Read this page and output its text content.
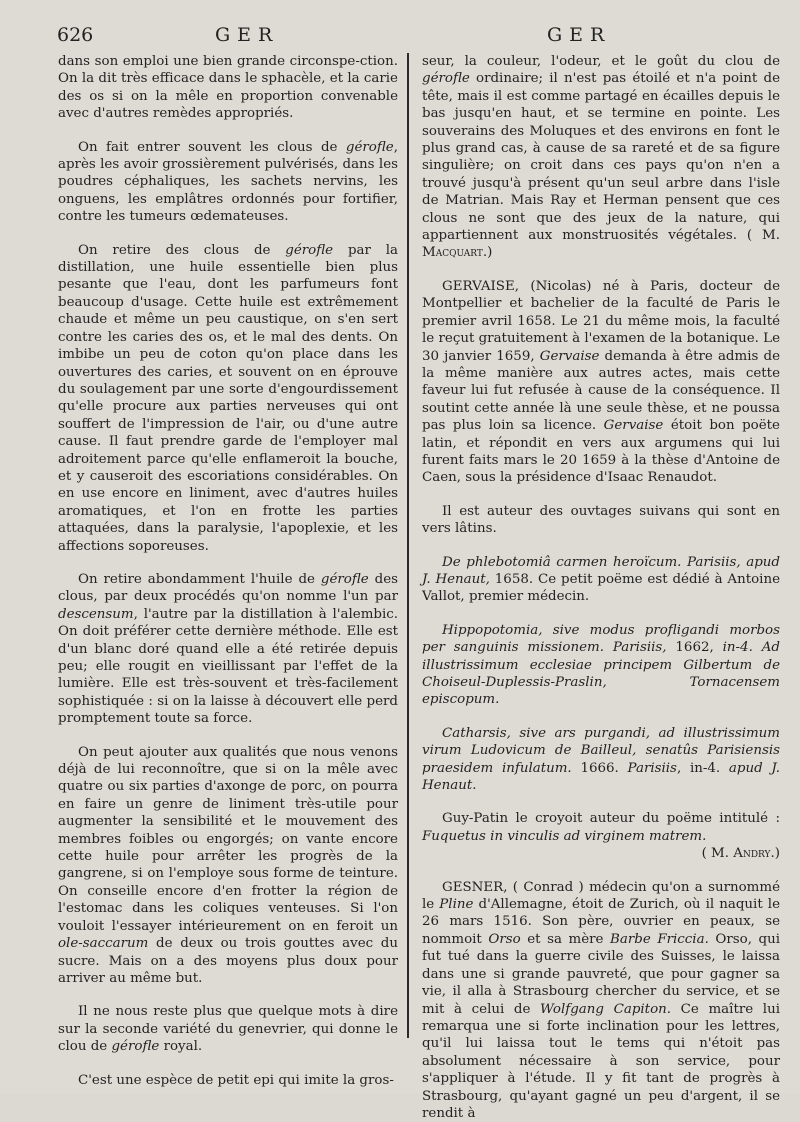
626	GER	GER

dans son emploi une bien grande circonspe-ction. On la dit très efficace dans le sphacèle, et la carie des os si on la mêle en proportion convenable avec d'autres remèdes appropriés.

On fait entrer souvent les clous de gérofle, après les avoir grossièrement pulvérisés, dans les poudres céphaliques, les sachets nervins, les onguens, les emplâtres ordonnés pour fortifier, contre les tumeurs œdemateuses.

On retire des clous de gérofle par la distillation, une huile essentielle bien plus pesante que l'eau, dont les parfumeurs font beaucoup d'usage. Cette huile est extrêmement chaude et même un peu caustique, on s'en sert contre les caries des os, et le mal des dents. On imbibe un peu de coton qu'on place dans les ouvertures des caries, et souvent on en éprouve du soulagement par une sorte d'engourdissement qu'elle procure aux parties nerveuses qui ont souffert de l'impression de l'air, ou d'une autre cause. Il faut prendre garde de l'employer mal adroitement parce qu'elle enflameroit la bouche, et y causeroit des escoriations considérables. On en use encore en liniment, avec d'autres huiles aromatiques, et l'on en frotte les parties attaquées, dans la paralysie, l'apoplexie, et les affections soporeuses.

On retire abondamment l'huile de gérofle des clous, par deux procédés qu'on nomme l'un par descensum, l'autre par la distillation à l'alembic. On doit préférer cette dernière méthode. Elle est d'un blanc doré quand elle a été retirée depuis peu; elle rougit en vieillissant par l'effet de la lumière. Elle est très-souvent et très-facilement sophistiquée : si on la laisse à découvert elle perd promptement toute sa force.

On peut ajouter aux qualités que nous venons déjà de lui reconnoître, que si on la mêle avec quatre ou six parties d'axonge de porc, on pourra en faire un genre de liniment très-utile pour augmenter la sensibilité et le mouvement des membres foibles ou engorgés; on vante encore cette huile pour arrêter les progrès de la gangrene, si on l'employe sous forme de teinture. On conseille encore d'en frotter la région de l'estomac dans les coliques venteuses. Si l'on vouloit l'essayer intérieurement on en feroit un ole-saccarum de deux ou trois gouttes avec du sucre. Mais on a des moyens plus doux pour arriver au même but.

Il ne nous reste plus que quelque mots à dire sur la seconde variété du genevrier, qui donne le clou de gérofle royal.

C'est une espèce de petit epi qui imite la gros-

seur, la couleur, l'odeur, et le goût du clou de gérofle ordinaire; il n'est pas étoilé et n'a point de tête, mais il est comme partagé en écailles depuis le bas jusqu'en haut, et se termine en pointe. Les souverains des Moluques et des environs en font le plus grand cas, à cause de sa rareté et de sa figure singulière; on croit dans ces pays qu'on n'en a trouvé jusqu'à présent qu'un seul arbre dans l'isle de Matrian. Mais Ray et Herman pensent que ces clous ne sont que des jeux de la nature, qui appartiennent aux monstruosités végétales. ( M. Macquart.)

GERVAISE, (Nicolas) né à Paris, docteur de Montpellier et bachelier de la faculté de Paris le premier avril 1658. Le 21 du même mois, la faculté le reçut gratuitement à l'examen de la botanique. Le 30 janvier 1659, Gervaise demanda à être admis de la même manière aux autres actes, mais cette faveur lui fut refusée à cause de la conséquence. Il soutint cette année là une seule thèse, et ne poussa pas plus loin sa licence. Gervaise étoit bon poëte latin, et répondit en vers aux argumens qui lui furent faits mars le 20 1659 à la thèse d'Antoine de Caen, sous la présidence d'Isaac Renaudot.

Il est auteur des ouvtages suivans qui sont en vers lâtins.

De phlebotomiâ carmen heroïcum. Parisiis, apud J. Henaut, 1658. Ce petit poëme est dédié à Antoine Vallot, premier médecin.

Hippopotomia, sive modus profligandi morbos per sanguinis missionem. Parisiis, 1662, in-4. Ad illustrissimum ecclesiae principem Gilbertum de Choiseul-Duplessis-Praslin, Tornacensem episcopum.

Catharsis, sive ars purgandi, ad illustrissimum virum Ludovicum de Bailleul, senatûs Parisiensis praesidem infulatum. 1666. Parisiis, in-4. apud J. Henaut.

Guy-Patin le croyoit auteur du poëme intitulé : Fuquetus in vinculis ad virginem matrem.
( M. Andry.)

GESNER, ( Conrad ) médecin qu'on a surnommé le Pline d'Allemagne, étoit de Zurich, où il naquit le 26 mars 1516. Son père, ouvrier en peaux, se nommoit Orso et sa mère Barbe Friccia. Orso, qui fut tué dans la guerre civile des Suisses, le laissa dans une si grande pauvreté, que pour gagner sa vie, il alla à Strasbourg chercher du service, et se mit à celui de Wolfgang Capiton. Ce maître lui remarqua une si forte inclination pour les lettres, qu'il lui laissa tout le tems qui n'étoit pas absolument nécessaire à son service, pour s'appliquer à l'étude. Il y fit tant de progrès à Strasbourg, qu'ayant gagné un peu d'argent, il se rendit à
